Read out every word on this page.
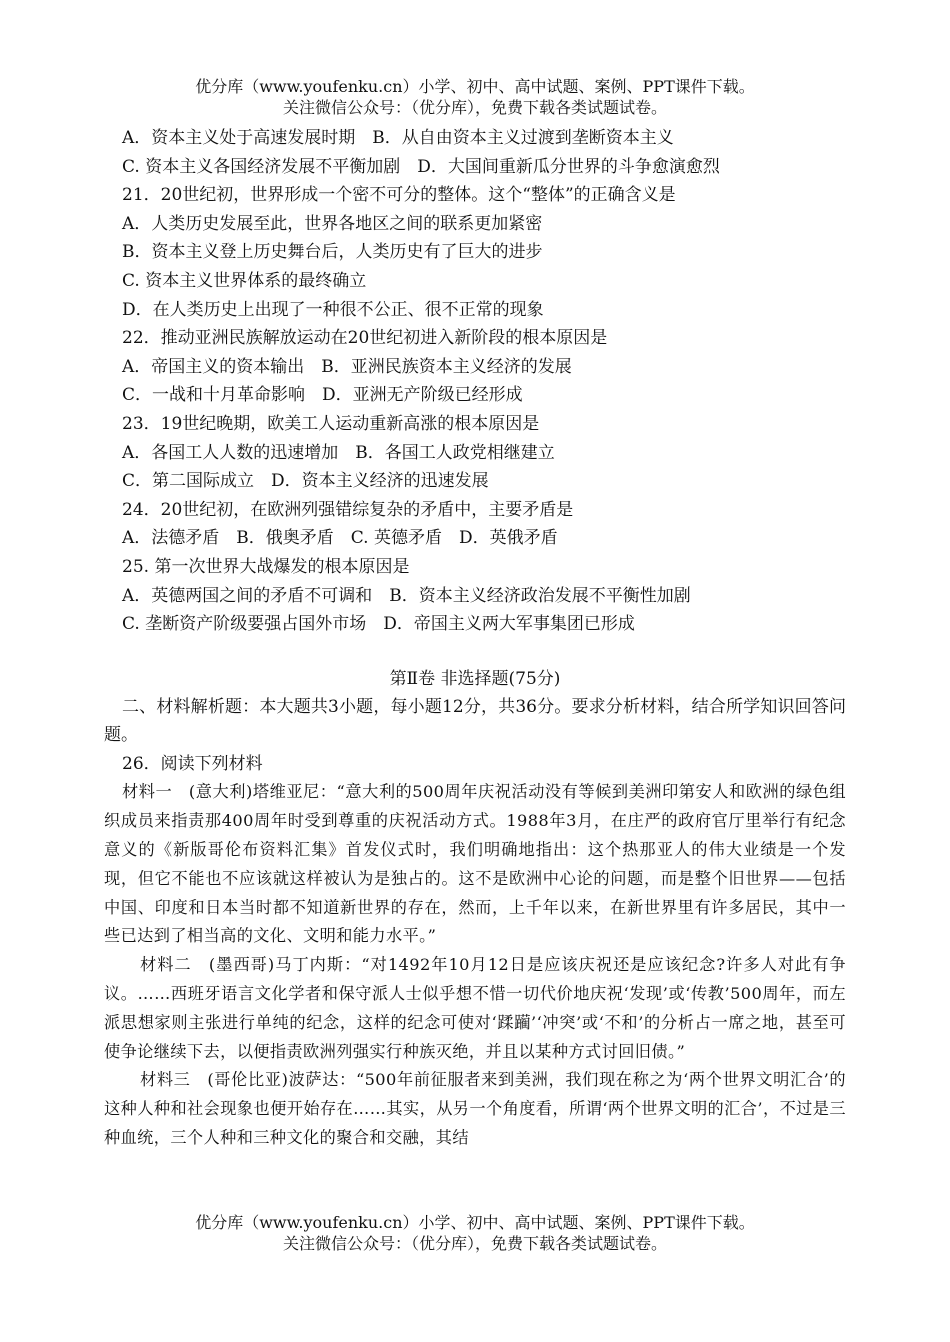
优分库（www.youfenku.cn）小学、初中、高中试题、案例、PPT课件下载。
关注微信公众号：（优分库），免费下载各类试题试卷。
A．资本主义处于高速发展时期　B．从自由资本主义过渡到垄断资本主义
C. 资本主义各国经济发展不平衡加剧　D．大国间重新瓜分世界的斗争愈演愈烈
21．20世纪初，世界形成一个密不可分的整体。这个“整体”的正确含义是
A．人类历史发展至此，世界各地区之间的联系更加紧密
B．资本主义登上历史舞台后，人类历史有了巨大的进步
C. 资本主义世界体系的最终确立
D．在人类历史上出现了一种很不公正、很不正常的现象
22．推动亚洲民族解放运动在20世纪初进入新阶段的根本原因是
A．帝国主义的资本输出　B．亚洲民族资本主义经济的发展
C．一战和十月革命影响　D．亚洲无产阶级已经形成
23．19世纪晚期，欧美工人运动重新高涨的根本原因是
A．各国工人人数的迅速增加　B．各国工人政党相继建立
C．第二国际成立　D．资本主义经济的迅速发展
24．20世纪初，在欧洲列强错综复杂的矛盾中，主要矛盾是
A．法德矛盾　B．俄奥矛盾　C. 英德矛盾　D．英俄矛盾
25. 第一次世界大战爆发的根本原因是
A．英德两国之间的矛盾不可调和　B．资本主义经济政治发展不平衡性加剧
C. 垄断资产阶级要强占国外市场　D．帝国主义两大军事集团已形成
第Ⅱ卷 非选择题(75分)
二、材料解析题：本大题共3小题，每小题12分，共36分。要求分析材料，结合所学知识回答问题。
26．阅读下列材料
材料一　(意大利)塔维亚尼：“意大利的500周年庆祝活动没有等候到美洲印第安人和欧洲的绿色组织成员来指责那400周年时受到尊重的庆祝活动方式。1988年3月，在庄严的政府官厅里举行有纪念意义的《新版哥伦布资料汇集》首发仪式时，我们明确地指出：这个热那亚人的伟大业绩是一个发现，但它不能也不应该就这样被认为是独占的。这不是欧洲中心论的问题，而是整个旧世界——包括中国、印度和日本当时都不知道新世界的存在，然而，上千年以来，在新世界里有许多居民，其中一些已达到了相当高的文化、文明和能力水平。”
材料二　(墨西哥)马丁内斯：“对1492年10月12日是应该庆祝还是应该纪念?许多人对此有争议。……西班牙语言文化学者和保守派人士似乎想不惜一切代价地庆祝‘发现’或‘传教’500周年，而左派思想家则主张进行单纯的纪念，这样的纪念可使对‘蹂躏’‘冲突’或‘不和’的分析占一席之地，甚至可使争论继续下去，以便指责欧洲列强实行种族灭绝，并且以某种方式讨回旧债。”
材料三　(哥伦比亚)波萨达：“500年前征服者来到美洲，我们现在称之为‘两个世界文明汇合’的这种人种和社会现象也便开始存在……其实，从另一个角度看，所谓‘两个世界文明的汇合’，不过是三种血统，三个人种和三种文化的聚合和交融，其结
优分库（www.youfenku.cn）小学、初中、高中试题、案例、PPT课件下载。
关注微信公众号：（优分库），免费下载各类试题试卷。
